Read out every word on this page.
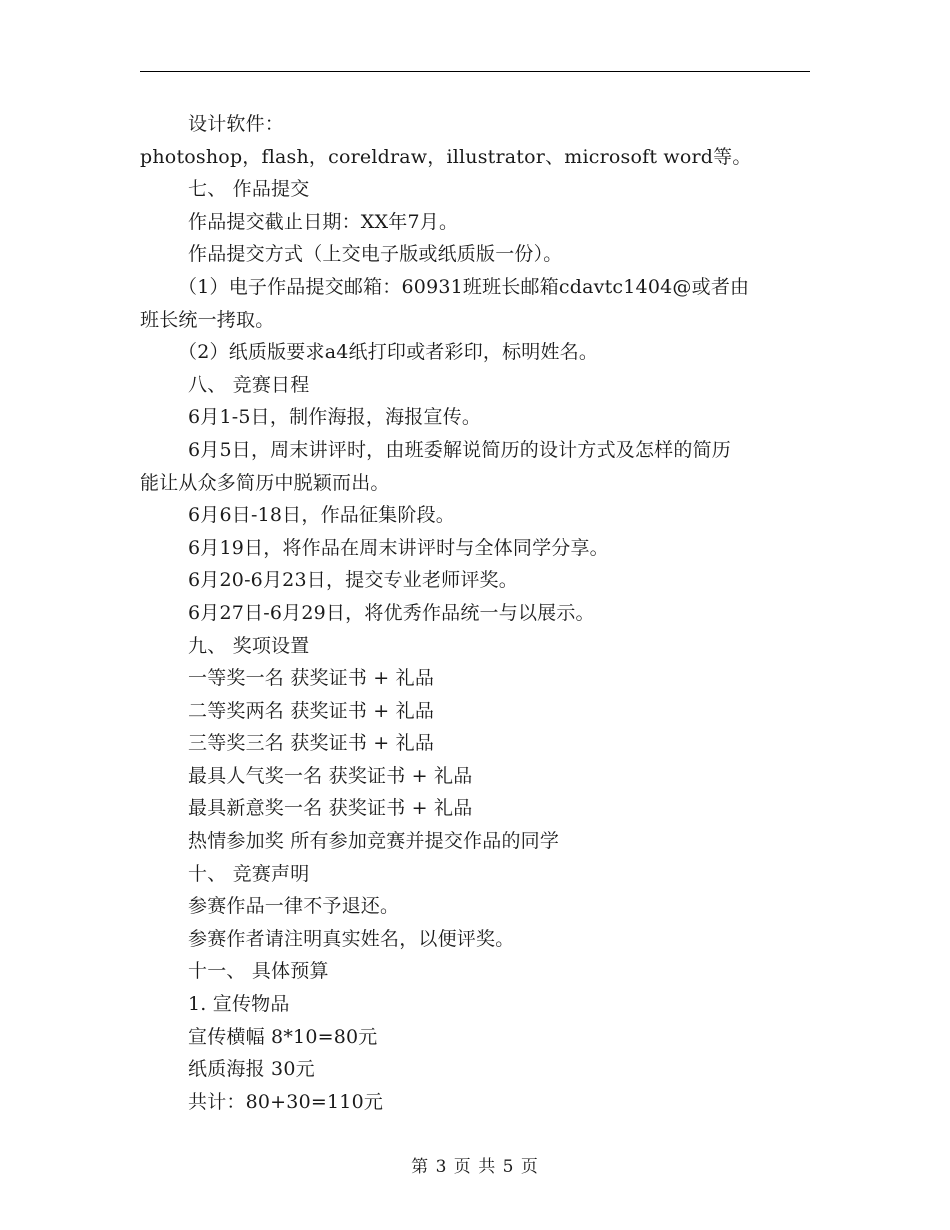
设计软件：
photoshop，flash，coreldraw，illustrator、microsoft word等。
七、 作品提交
作品提交截止日期：XX年7月。
作品提交方式（上交电子版或纸质版一份）。
（1）电子作品提交邮箱：60931班班长邮箱cdavtc1404@或者由
班长统一拷取。
（2）纸质版要求a4纸打印或者彩印，标明姓名。
八、 竞赛日程
6月1-5日，制作海报，海报宣传。
6月5日，周末讲评时，由班委解说简历的设计方式及怎样的简历
能让从众多简历中脱颖而出。
6月6日-18日，作品征集阶段。
6月19日，将作品在周末讲评时与全体同学分享。
6月20-6月23日，提交专业老师评奖。
6月27日-6月29日，将优秀作品统一与以展示。
九、 奖项设置
一等奖一名 获奖证书 + 礼品
二等奖两名 获奖证书 + 礼品
三等奖三名 获奖证书 + 礼品
最具人气奖一名 获奖证书 + 礼品
最具新意奖一名 获奖证书 + 礼品
热情参加奖 所有参加竞赛并提交作品的同学
十、 竞赛声明
参赛作品一律不予退还。
参赛作者请注明真实姓名，以便评奖。
十一、 具体预算
1. 宣传物品
宣传横幅 8*10=80元
纸质海报 30元
共计：80+30=110元
第 3 页 共 5 页
